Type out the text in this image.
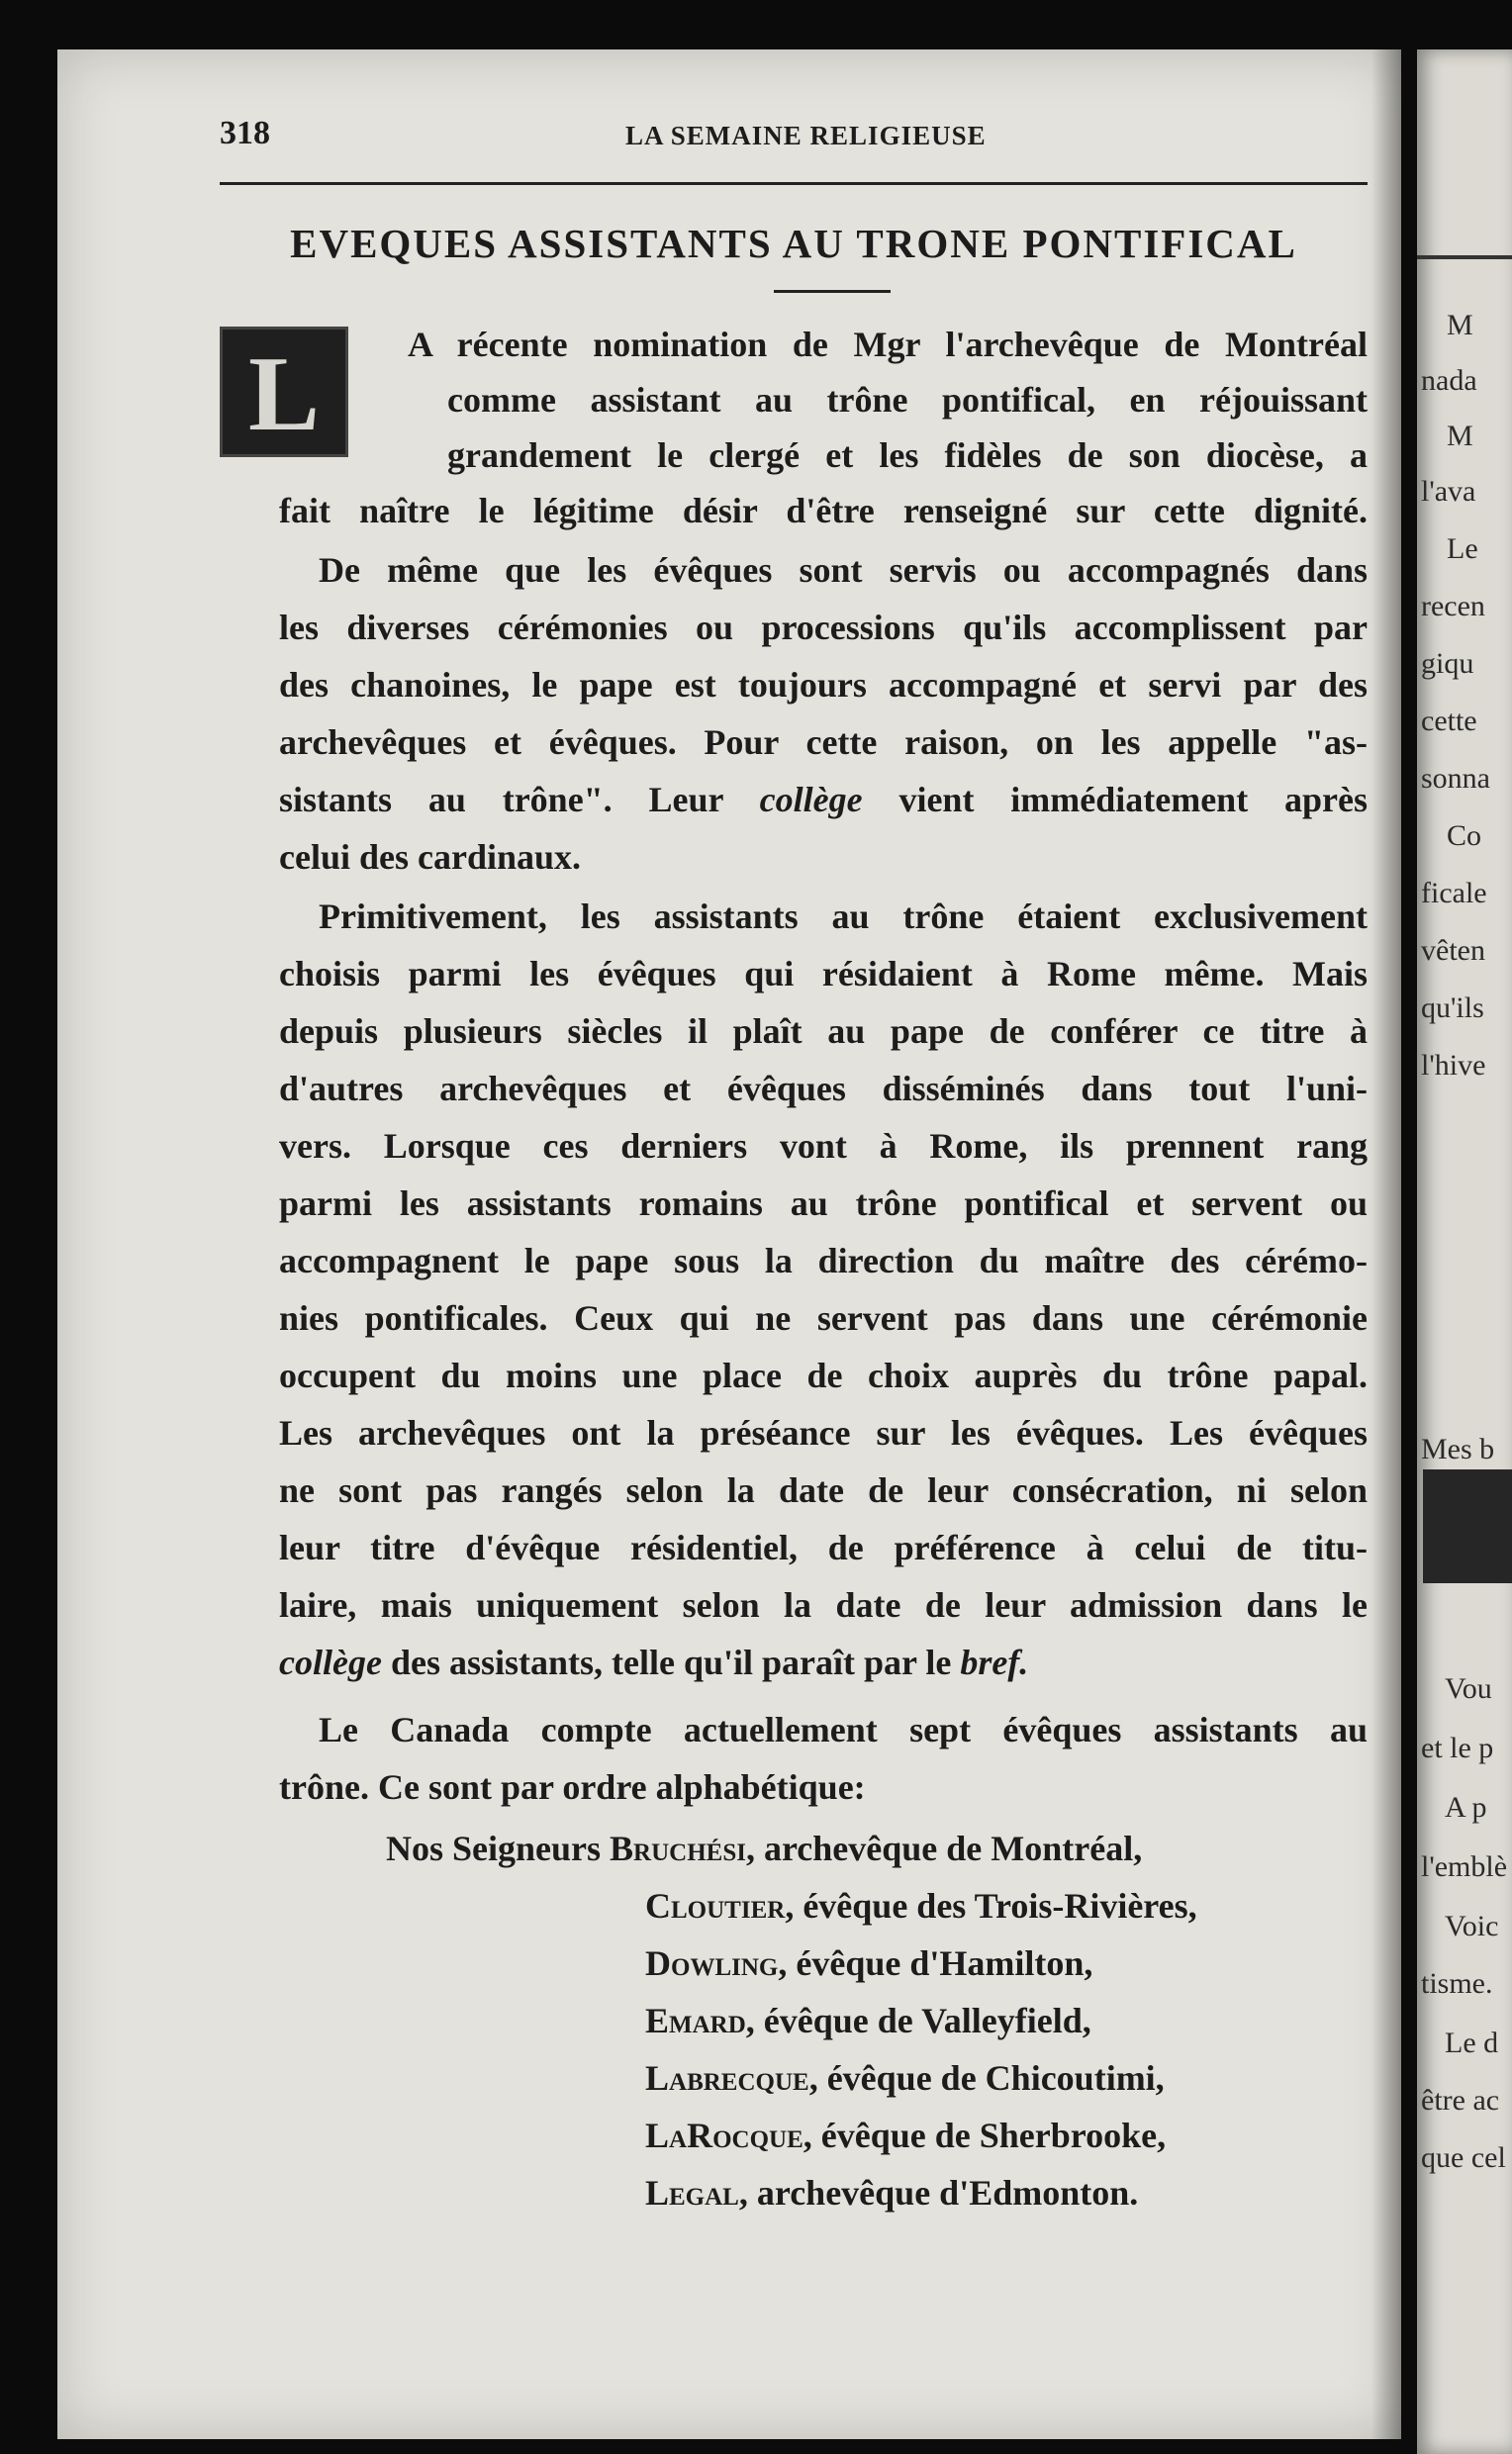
M
nada
M
l'ava
Le
recen
giqu
cette
sonna
Co
ficale
vêten
qu'ils
l'hive
Mes b
Vou
et le p
A p
l'emblè
Voic
tisme.
Le d
être ac
que cel
318	LA SEMAINE RELIGIEUSE
EVEQUES ASSISTANTS AU TRONE PONTIFICAL
L	A récente nomination de Mgr l'archevêque de Montréal
comme assistant au trône pontifical, en réjouissant
grandement le clergé et les fidèles de son diocèse, a
fait naître le légitime désir d'être renseigné sur cette dignité.
De même que les évêques sont servis ou accompagnés dans
les diverses cérémonies ou processions qu'ils accomplissent par
des chanoines, le pape est toujours accompagné et servi par des
archevêques et évêques. Pour cette raison, on les appelle "as-
sistants au trône". Leur collège vient immédiatement après
celui des cardinaux.
Primitivement, les assistants au trône étaient exclusivement
choisis parmi les évêques qui résidaient à Rome même. Mais
depuis plusieurs siècles il plaît au pape de conférer ce titre à
d'autres archevêques et évêques disséminés dans tout l'uni-
vers. Lorsque ces derniers vont à Rome, ils prennent rang
parmi les assistants romains au trône pontifical et servent ou
accompagnent le pape sous la direction du maître des cérémo-
nies pontificales. Ceux qui ne servent pas dans une cérémonie
occupent du moins une place de choix auprès du trône papal.
Les archevêques ont la préséance sur les évêques. Les évêques
ne sont pas rangés selon la date de leur consécration, ni selon
leur titre d'évêque résidentiel, de préférence à celui de titu-
laire, mais uniquement selon la date de leur admission dans le
collège des assistants, telle qu'il paraît par le bref.
Le Canada compte actuellement sept évêques assistants au
trône. Ce sont par ordre alphabétique:
Nos Seigneurs Bruchési, archevêque de Montréal,
Cloutier, évêque des Trois-Rivières,
Dowling, évêque d'Hamilton,
Emard, évêque de Valleyfield,
Labrecque, évêque de Chicoutimi,
LaRocque, évêque de Sherbrooke,
Legal, archevêque d'Edmonton.
